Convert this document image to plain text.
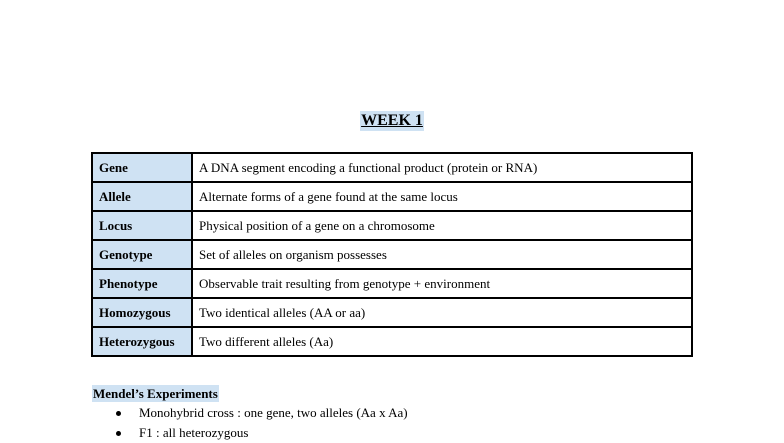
WEEK 1
Gene	A DNA segment encoding a functional product (protein or RNA)
Allele	Alternate forms of a gene found at the same locus
Locus	Physical position of a gene on a chromosome
Genotype	Set of alleles on organism possesses
Phenotype	Observable trait resulting from genotype + environment
Homozygous	Two identical alleles (AA or aa)
Heterozygous	Two different alleles (Aa)
Mendel’s Experiments
Monohybrid cross : one gene, two alleles (Aa x Aa)
F1 : all heterozygous
